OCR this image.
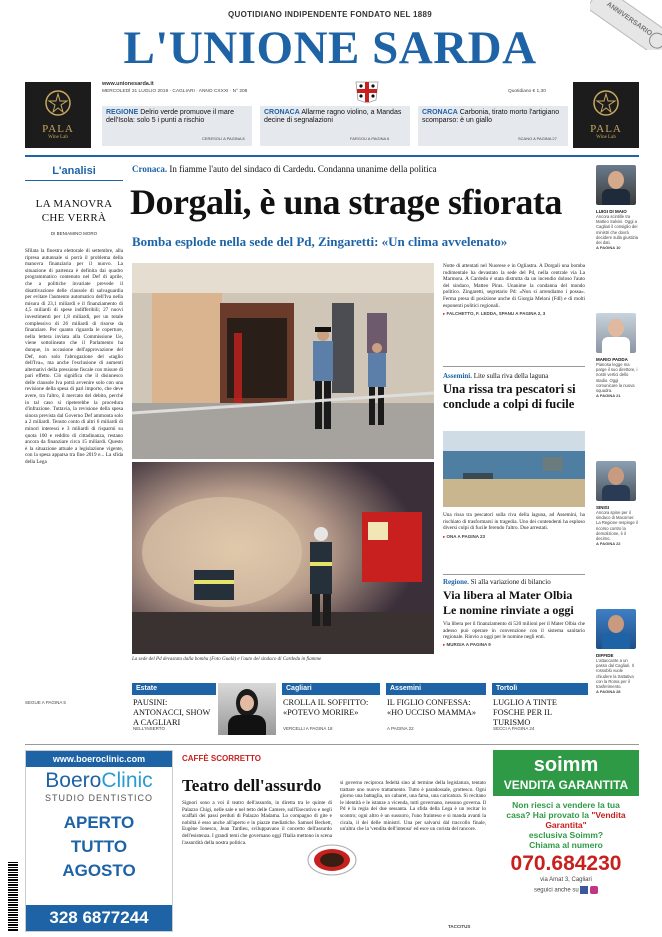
QUOTIDIANO INDIPENDENTE FONDATO NEL 1889
L'UNIONE SARDA
ANNIVERSARIO
PALA
Wine Lab
PALA
Wine Lab
www.unionesarda.it
MERCOLEDÌ 31 LUGLIO 2019 · CAGLIARI · ANNO CXXXI · N° 208	Quotidiano € 1,30
REGIONE Delrio verde promuove il mare dell'Isola: solo 5 i punti a rischio
CERESOLI A PAGINA 8
CRONACA Allarme ragno violino, a Mandas decine di segnalazioni
FARGOU A PAGINA 6
CRONACA Carbonia, tirato morto l'artigiano scomparso: è un giallo
SCANO A PAGINA 27
L'analisi
LA MANOVRA CHE VERRÀ
DI BENIAMINO MORO
Sfilata la finestra elettorale di settembre, alla ripresa autunnale si porrà il problema della manovra finanziaria per il nuovo. La situazione di partenza è definita dai quadro programmatico contenuto nel Def di aprile, che a politiche invariate prevede il disattivazione delle clausole di salvaguardia per evitare l'aumento automatico dell'Iva nella misura di 23,1 miliardi e il finanziamento di 4,5 miliardi di spese indifferibili; 27 nuovi investimenti per 1,8 miliardi, per un totale complessivo di 26 miliardi di risorse da finanziare. Per quanto riguarda le coperture, nella lettera inviata alla Commissione Ue, viene sottolineato che il Parlamento ha dunque, in occasione dell'approvazione del Def, non solo l'abrogazione del «taglio dell'Iva», ma anche l'esclusione di aumenti alternativi della pressione fiscale con misure di pari effetto. Ciò significa che il disinnesco delle clausole Iva potrà avvenire solo con una revisione della spesa di pari importo, che deve avere, tra l'altro, il mercato del debito, perché in tal caso si ripeterebbe la procedura d'infrazione. Tuttavia, la revisione della spesa sinora prevista dal Governo Def ammonta solo a 2 miliardi. Tenuto conto di altri 6 miliardi di minori interessi e 3 miliardi di risparmi su quota 100 e reddito di cittadinanza, restano ancora da finanziare circa 15 miliardi. Questo è la situazione attuale a legislazione vigente, con la spesa apparsa tra fine 2019 e... La sfida della Lega
SEGUE A PAGINA 5
Cronaca. In fiamme l'auto del sindaco di Cardedu. Condanna unanime della politica
Dorgali, è una strage sfiorata
Bomba esplode nella sede del Pd, Zingaretti: «Un clima avvelenato»
La sede del Pd devastata dalla bomba (Foto Gualà) e l'auto del sindaco di Cardedu in fiamme
Notte di attentati nel Nuorese e in Ogliastra. A Dorgali una bomba rudimentale ha devastato la sede del Pd, nella centrale via La Marmora. A Cardedu è stata distrutta da un incendio doloso l'auto del sindaco, Matteo Piras. Unanime la condanna del mondo politico. Zingaretti, segretario Pd: «Non si arrendiamo i possa». Ferma presa di posizione anche di Giorgia Meloni (FdI) e di molti esponenti politici regionali.
▸ FALCHETTO, F. LEDDA, SPANU A PAGINA 2, 3
Assemini. Lite sulla riva della laguna
Una rissa tra pescatori si conclude a colpi di fucile
Una rissa tra pescatori sulla riva della laguna, ad Assemini, ha rischiato di trasformarsi in tragedia. Uno dei contendenti ha esploso diversi colpi di fucile ferendo l'altro. Due arrestati.
▸ ONA A PAGINA 23
Regione. Sì alla variazione di bilancio
Via libera al Mater Olbia Le nomine rinviate a oggi
Via libera per il finanziamento di 520 milioni per il Mater Olbia che adesso può operare in convenzione con il sistema sanitario regionale. Rinvio a oggi per le nomine negli enti.
▸ MURGIA A PAGINA 9
LUIGI DI MAIO
Ancora scintille tra Matteo Salvini. Oggi a Cagliari il consiglio dei ministri che dovrà decidere sulla giustizia dei dati.
A PAGINA 10
MARIO PADDA
Pianosa legge ma parge il suo direttore, i nostri vertici dello stadio. Oggi comunicare la nuova squadra.
A PAGINA 21
SINISI
Ancora spine per il sindaco di Macomer. La Regione respinge il ricorso contro la demolizione, è il decimo.
A PAGINA 22
DIFFIDE
L'attaccante a un passo dal Cagliari. Il rossoblù vuole chiudere la trattativa con la Roma per il trasferimento.
A PAGINA 28
Estate
PAUSINI: ANTONACCI, SHOW A CAGLIARI
NELL'INSERTO
Cagliari
CROLLA IL SOFFITTO: «POTEVO MORIRE»
VERCELLI A PAGINA 18
Assemini
IL FIGLIO CONFESSA: «HO UCCISO MAMMA»
A PAGINA 22
Tortolì
LUGLIO A TINTE FOSCHE PER IL TURISMO
SECCI A PAGINA 24
www.boeroclinic.com
BoeroClinic
STUDIO DENTISTICO
APERTO TUTTO AGOSTO
328 6877244
CAFFÈ SCORRETTO
Teatro dell'assurdo
Signori sono a voi il teatro dell'assurdo, in diretta tra le quinte di Palazzo Chigi, nelle sale e nel tetto delle Camere, sull'Esecutivo e negli scaffali dei passi perduti di Palazzo Madama. Lo compagno di gite e nobiltà è esso anche all'aperto e in piazze mediatiche. Samuel Beckett, Eugène Ionesco, Jean Tardieu, sviluppavano il concetto dell'assurdo dell'esistenza. I grandi temi che governano oggi l'Italia mettono in scena l'assurdità della nostra politica.
si governo reciproca fedeltà sino al termine della legislatura, tentato trattare uno nuovo trattamento. Tutto è paradossale, grottesco. Ogni giorno una battaglia, un cabaret, una farsa, una caricatura. Si recitano le identità e le istanze a vicenda, tutti governano, nessuno governa. Il Pd è la regia dei due sessanta. La sfida della Lega è un recitar lo scontro; ogni altro è un sussurro, l'uno frainteso e si manda avanti la cicala, il dei delle ministri. Una per salvarsi dal traccollo finale, un'altra che la 'vendita dell'intenso' ed esce un corista del rancore.
TACCITUS
soimm
VENDITA GARANTITA
Non riesci a vendere la tua casa? Hai provato la "Vendita Garantita"
esclusiva Soimm?
Chiama al numero
070.684230
via Amat 3, Cagliari
seguici anche su
